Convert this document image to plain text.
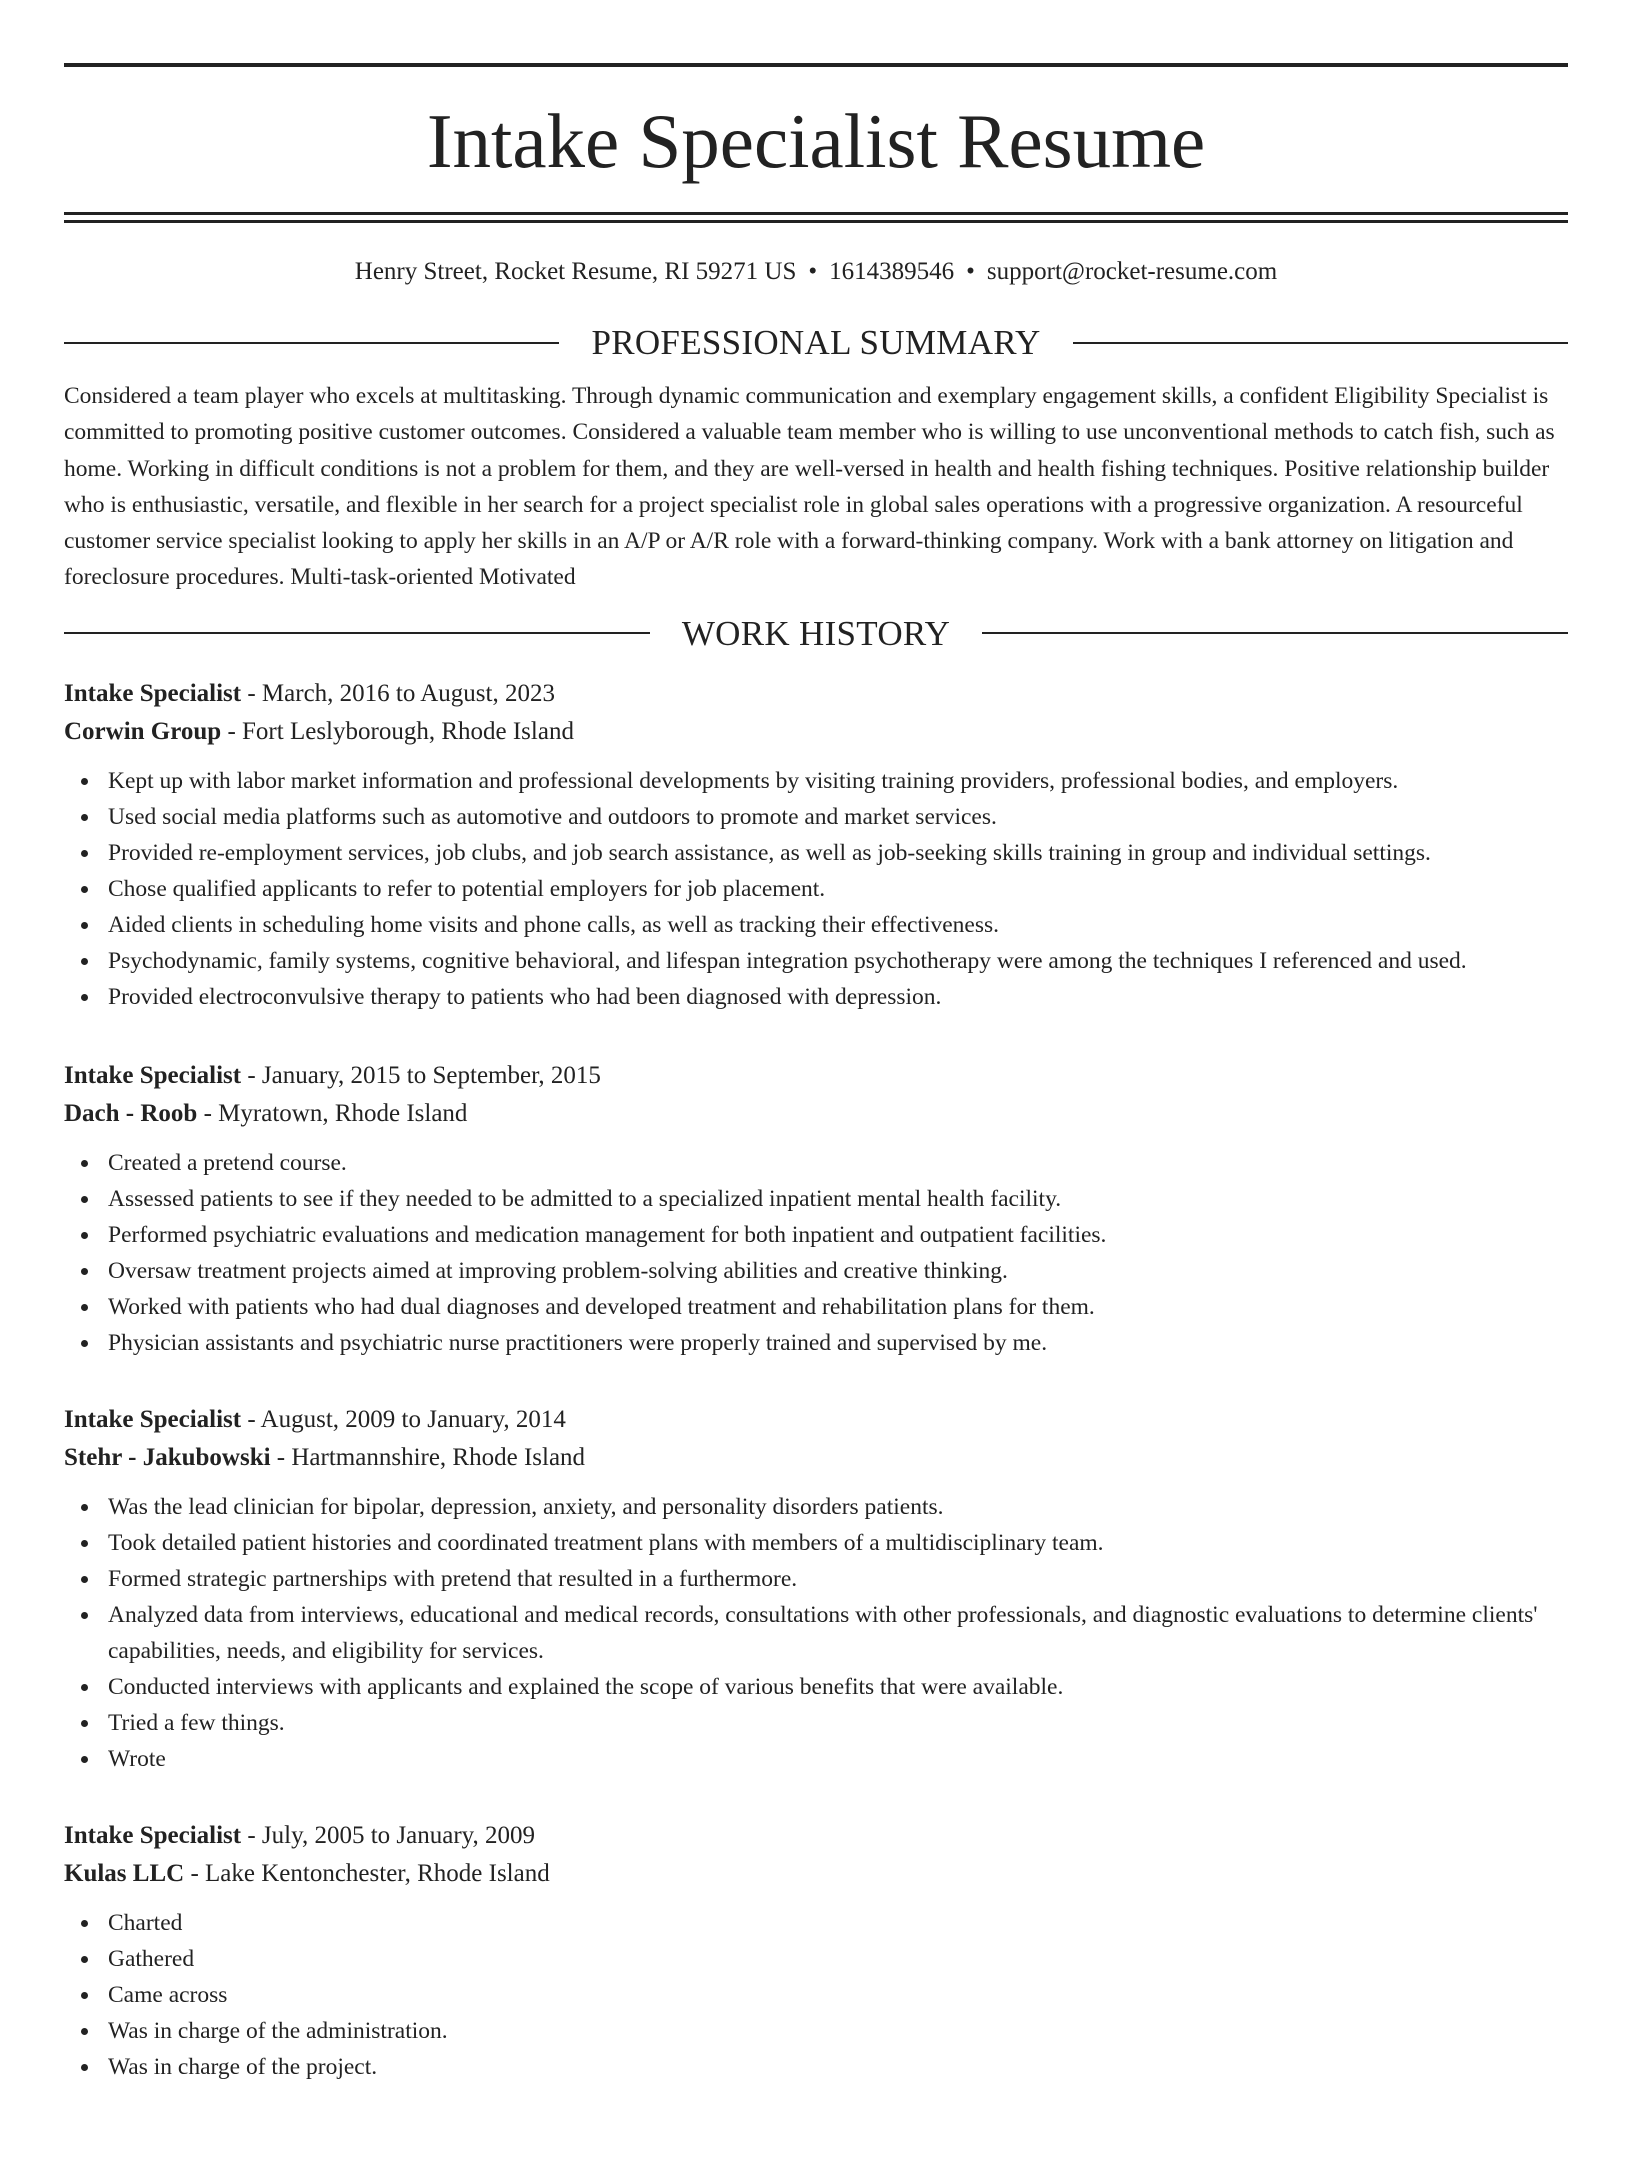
Intake Specialist Resume
Henry Street, Rocket Resume, RI 59271 US • 1614389546 • support@rocket-resume.com
PROFESSIONAL SUMMARY
Considered a team player who excels at multitasking. Through dynamic communication and exemplary engagement skills, a confident Eligibility Specialist is committed to promoting positive customer outcomes. Considered a valuable team member who is willing to use unconventional methods to catch fish, such as home. Working in difficult conditions is not a problem for them, and they are well-versed in health and health fishing techniques. Positive relationship builder who is enthusiastic, versatile, and flexible in her search for a project specialist role in global sales operations with a progressive organization. A resourceful customer service specialist looking to apply her skills in an A/P or A/R role with a forward-thinking company. Work with a bank attorney on litigation and foreclosure procedures. Multi-task-oriented Motivated
WORK HISTORY
Intake Specialist - March, 2016 to August, 2023
Corwin Group - Fort Leslyborough, Rhode Island
Kept up with labor market information and professional developments by visiting training providers, professional bodies, and employers.
Used social media platforms such as automotive and outdoors to promote and market services.
Provided re-employment services, job clubs, and job search assistance, as well as job-seeking skills training in group and individual settings.
Chose qualified applicants to refer to potential employers for job placement.
Aided clients in scheduling home visits and phone calls, as well as tracking their effectiveness.
Psychodynamic, family systems, cognitive behavioral, and lifespan integration psychotherapy were among the techniques I referenced and used.
Provided electroconvulsive therapy to patients who had been diagnosed with depression.
Intake Specialist - January, 2015 to September, 2015
Dach - Roob - Myratown, Rhode Island
Created a pretend course.
Assessed patients to see if they needed to be admitted to a specialized inpatient mental health facility.
Performed psychiatric evaluations and medication management for both inpatient and outpatient facilities.
Oversaw treatment projects aimed at improving problem-solving abilities and creative thinking.
Worked with patients who had dual diagnoses and developed treatment and rehabilitation plans for them.
Physician assistants and psychiatric nurse practitioners were properly trained and supervised by me.
Intake Specialist - August, 2009 to January, 2014
Stehr - Jakubowski - Hartmannshire, Rhode Island
Was the lead clinician for bipolar, depression, anxiety, and personality disorders patients.
Took detailed patient histories and coordinated treatment plans with members of a multidisciplinary team.
Formed strategic partnerships with pretend that resulted in a furthermore.
Analyzed data from interviews, educational and medical records, consultations with other professionals, and diagnostic evaluations to determine clients' capabilities, needs, and eligibility for services.
Conducted interviews with applicants and explained the scope of various benefits that were available.
Tried a few things.
Wrote
Intake Specialist - July, 2005 to January, 2009
Kulas LLC - Lake Kentonchester, Rhode Island
Charted
Gathered
Came across
Was in charge of the administration.
Was in charge of the project.
